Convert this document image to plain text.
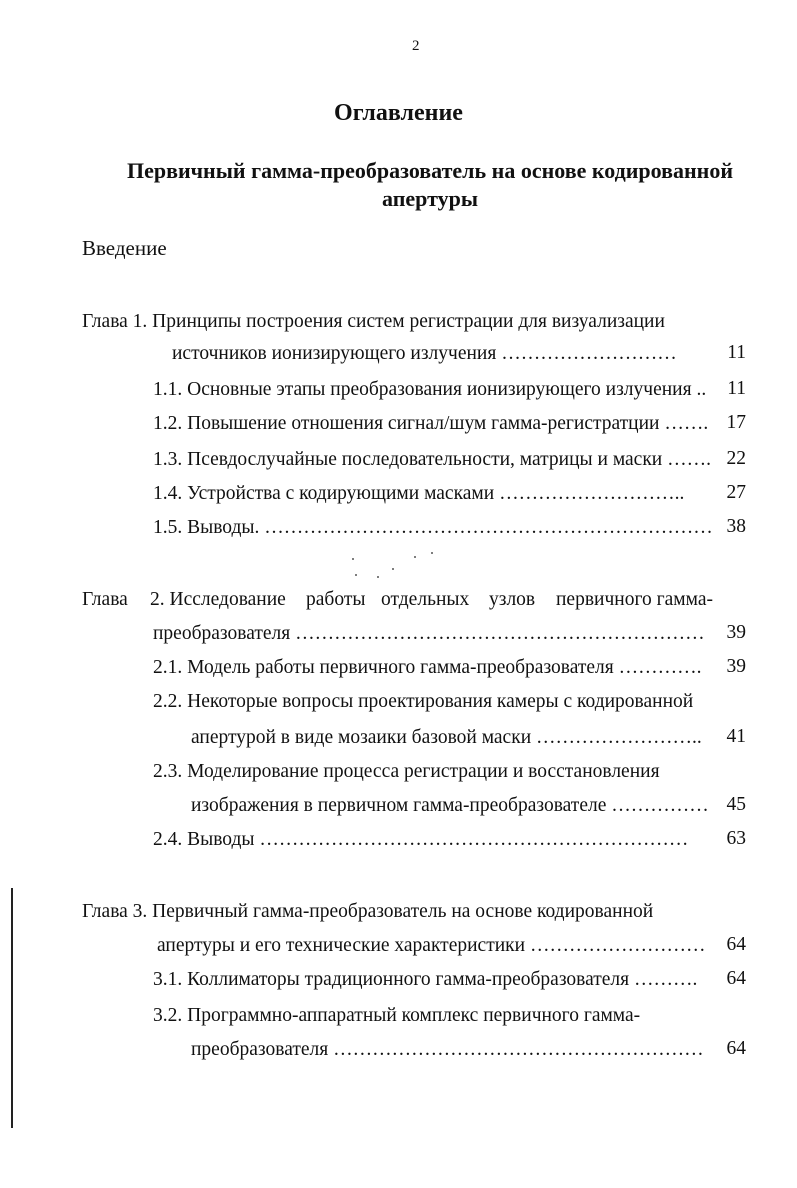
2
Оглавление
Первичный гамма-преобразователь на основе кодированной
апертуры
Введение
Глава 1. Принципы построения систем регистрации для визуализации
источников ионизирующего излучения ………………………	11
1.1. Основные этапы преобразования ионизирующего излучения ..	11
1.2. Повышение отношения сигнал/шум гамма-регистратции ……. 17
1.3. Псевдослучайные последовательности, матрицы и маски ……. 22
1.4. Устройства с кодирующими масками ………………………..	27
1.5. Выводы. …………………………………………………………… 38
Глава 2. Исследование работы отдельных узлов первичного гамма-
преобразователя ………………………………………………………	39
2.1. Модель работы первичного гамма-преобразователя ………….	39
2.2. Некоторые вопросы проектирования камеры с кодированной
апертурой в виде мозаики базовой маски ……………………..	41
2.3. Моделирование процесса регистрации и восстановления
изображения в первичном гамма-преобразователе …………… 45
2.4. Выводы …………………………………………………………	63
Глава 3. Первичный гамма-преобразователь на основе кодированной
апертуры и его технические характеристики ………………………	64
3.1. Коллиматоры традиционного гамма-преобразователя ……….	64
3.2. Программно-аппаратный комплекс первичного гамма-
преобразователя …………………………………………………	64
